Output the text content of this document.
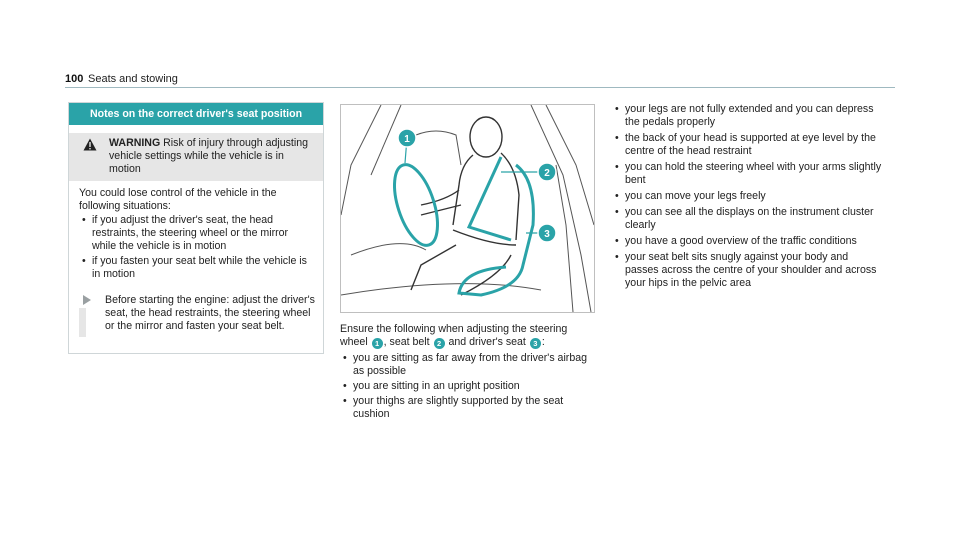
100 Seats and stowing
Notes on the correct driver's seat position
WARNING Risk of injury through adjusting vehicle settings while the vehicle is in motion
You could lose control of the vehicle in the following situations:
• if you adjust the driver's seat, the head restraints, the steering wheel or the mirror while the vehicle is in motion
• if you fasten your seat belt while the vehicle is in motion
Before starting the engine: adjust the driver's seat, the head restraints, the steering wheel or the mirror and fasten your seat belt.
1
2
3
Ensure the following when adjusting the steering wheel 1 , seat belt 2 and driver's seat 3 :
• you are sitting as far away from the driver's airbag as possible
• you are sitting in an upright position
• your thighs are slightly supported by the seat cushion
• your legs are not fully extended and you can depress the pedals properly
• the back of your head is supported at eye level by the centre of the head restraint
• you can hold the steering wheel with your arms slightly bent
• you can move your legs freely
• you can see all the displays on the instrument cluster clearly
• you have a good overview of the traffic conditions
• your seat belt sits snugly against your body and passes across the centre of your shoulder and across your hips in the pelvic area
